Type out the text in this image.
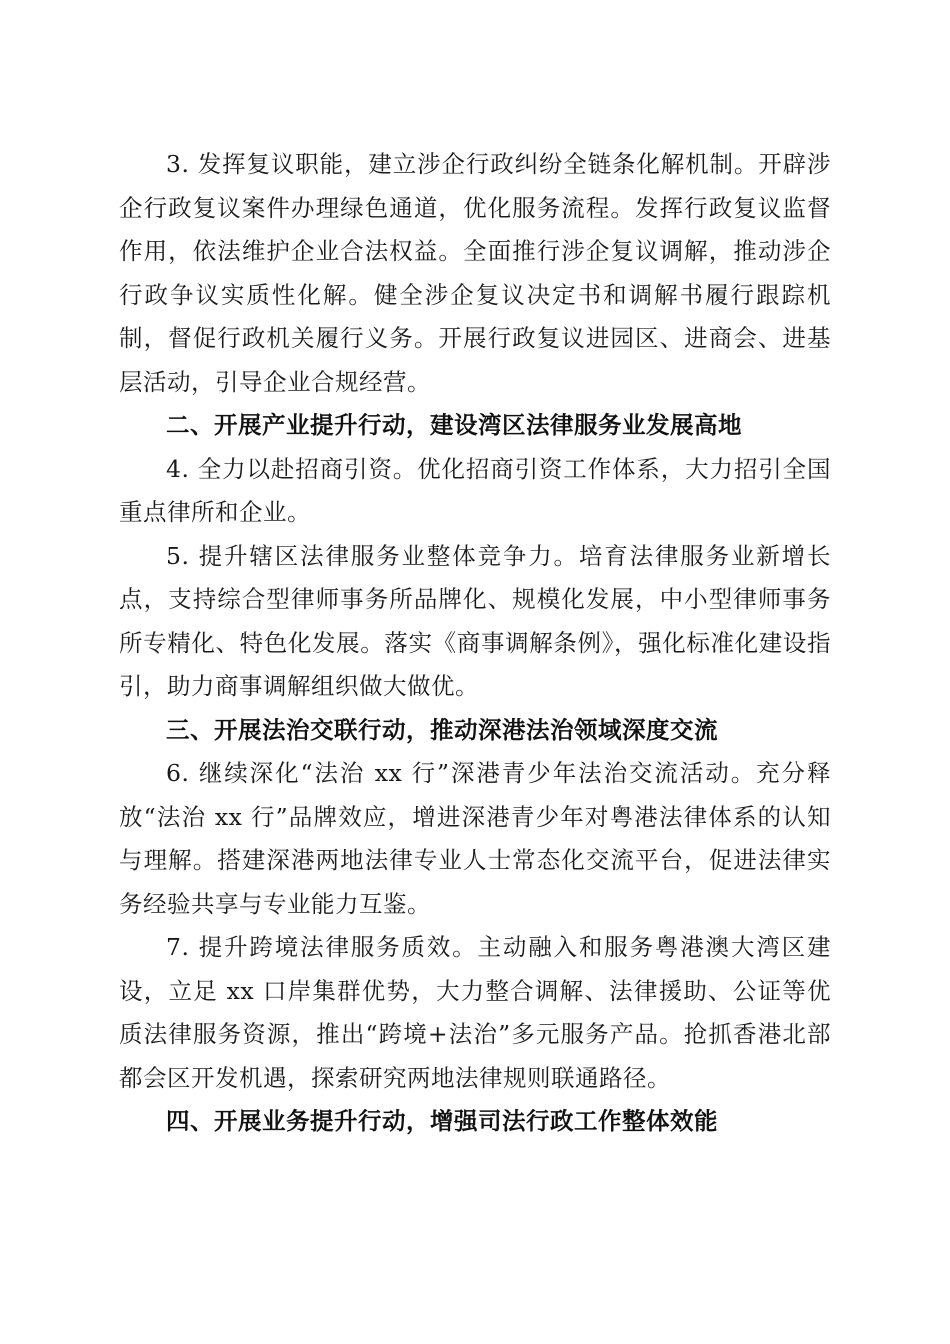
3. 发挥复议职能，建立涉企行政纠纷全链条化解机制。开辟涉企行政复议案件办理绿色通道，优化服务流程。发挥行政复议监督作用，依法维护企业合法权益。全面推行涉企复议调解，推动涉企行政争议实质性化解。健全涉企复议决定书和调解书履行跟踪机制，督促行政机关履行义务。开展行政复议进园区、进商会、进基层活动，引导企业合规经营。

二、开展产业提升行动，建设湾区法律服务业发展高地

4. 全力以赴招商引资。优化招商引资工作体系，大力招引全国重点律所和企业。

5. 提升辖区法律服务业整体竞争力。培育法律服务业新增长点，支持综合型律师事务所品牌化、规模化发展，中小型律师事务所专精化、特色化发展。落实《商事调解条例》，强化标准化建设指引，助力商事调解组织做大做优。

三、开展法治交联行动，推动深港法治领域深度交流

6. 继续深化“法治 xx 行”深港青少年法治交流活动。充分释放“法治 xx 行”品牌效应，增进深港青少年对粤港法律体系的认知与理解。搭建深港两地法律专业人士常态化交流平台，促进法律实务经验共享与专业能力互鉴。

7. 提升跨境法律服务质效。主动融入和服务粤港澳大湾区建设，立足 xx 口岸集群优势，大力整合调解、法律援助、公证等优质法律服务资源，推出“跨境+法治”多元服务产品。抢抓香港北部都会区开发机遇，探索研究两地法律规则联通路径。

四、开展业务提升行动，增强司法行政工作整体效能
